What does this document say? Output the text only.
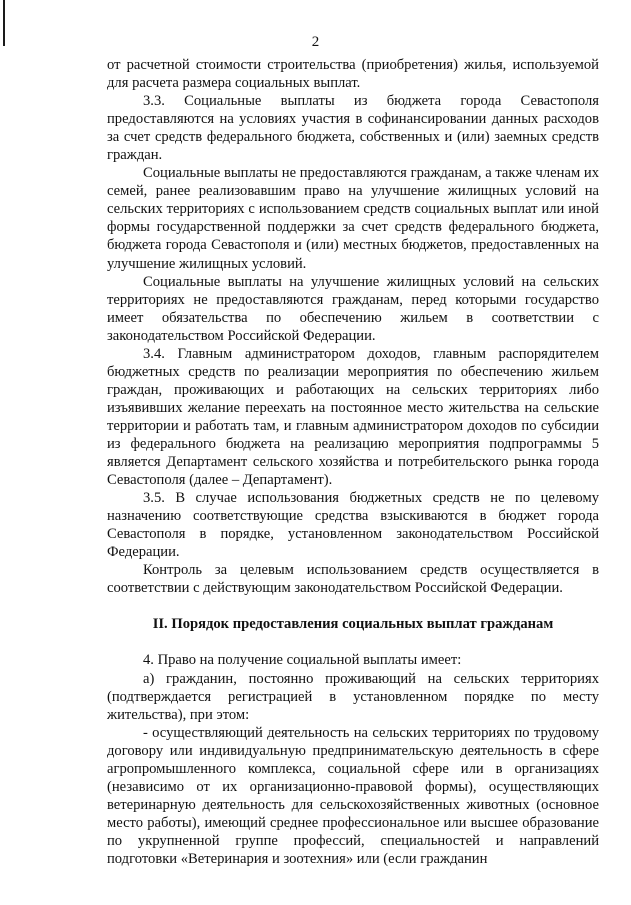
2

от расчетной стоимости строительства (приобретения) жилья, используемой для расчета размера социальных выплат.

3.3. Социальные выплаты из бюджета города Севастополя предоставляются на условиях участия в софинансировании данных расходов за счет средств федерального бюджета, собственных и (или) заемных средств граждан.

Социальные выплаты не предоставляются гражданам, а также членам их семей, ранее реализовавшим право на улучшение жилищных условий на сельских территориях с использованием средств социальных выплат или иной формы государственной поддержки за счет средств федерального бюджета, бюджета города Севастополя и (или) местных бюджетов, предоставленных на улучшение жилищных условий.

Социальные выплаты на улучшение жилищных условий на сельских территориях не предоставляются гражданам, перед которыми государство имеет обязательства по обеспечению жильем в соответствии с законодательством Российской Федерации.

3.4. Главным администратором доходов, главным распорядителем бюджетных средств по реализации мероприятия по обеспечению жильем граждан, проживающих и работающих на сельских территориях либо изъявивших желание переехать на постоянное место жительства на сельские территории и работать там, и главным администратором доходов по субсидии из федерального бюджета на реализацию мероприятия подпрограммы 5 является Департамент сельского хозяйства и потребительского рынка города Севастополя (далее – Департамент).

3.5. В случае использования бюджетных средств не по целевому назначению соответствующие средства взыскиваются в бюджет города Севастополя в порядке, установленном законодательством Российской Федерации.

Контроль за целевым использованием средств осуществляется в соответствии с действующим законодательством Российской Федерации.

II. Порядок предоставления социальных выплат гражданам

4. Право на получение социальной выплаты имеет:

а) гражданин, постоянно проживающий на сельских территориях (подтверждается регистрацией в установленном порядке по месту жительства), при этом:

- осуществляющий деятельность на сельских территориях по трудовому договору или индивидуальную предпринимательскую деятельность в сфере агропромышленного комплекса, социальной сфере или в организациях (независимо от их организационно-правовой формы), осуществляющих ветеринарную деятельность для сельскохозяйственных животных (основное место работы), имеющий среднее профессиональное или высшее образование по укрупненной группе профессий, специальностей и направлений подготовки «Ветеринария и зоотехния» или (если гражданин
